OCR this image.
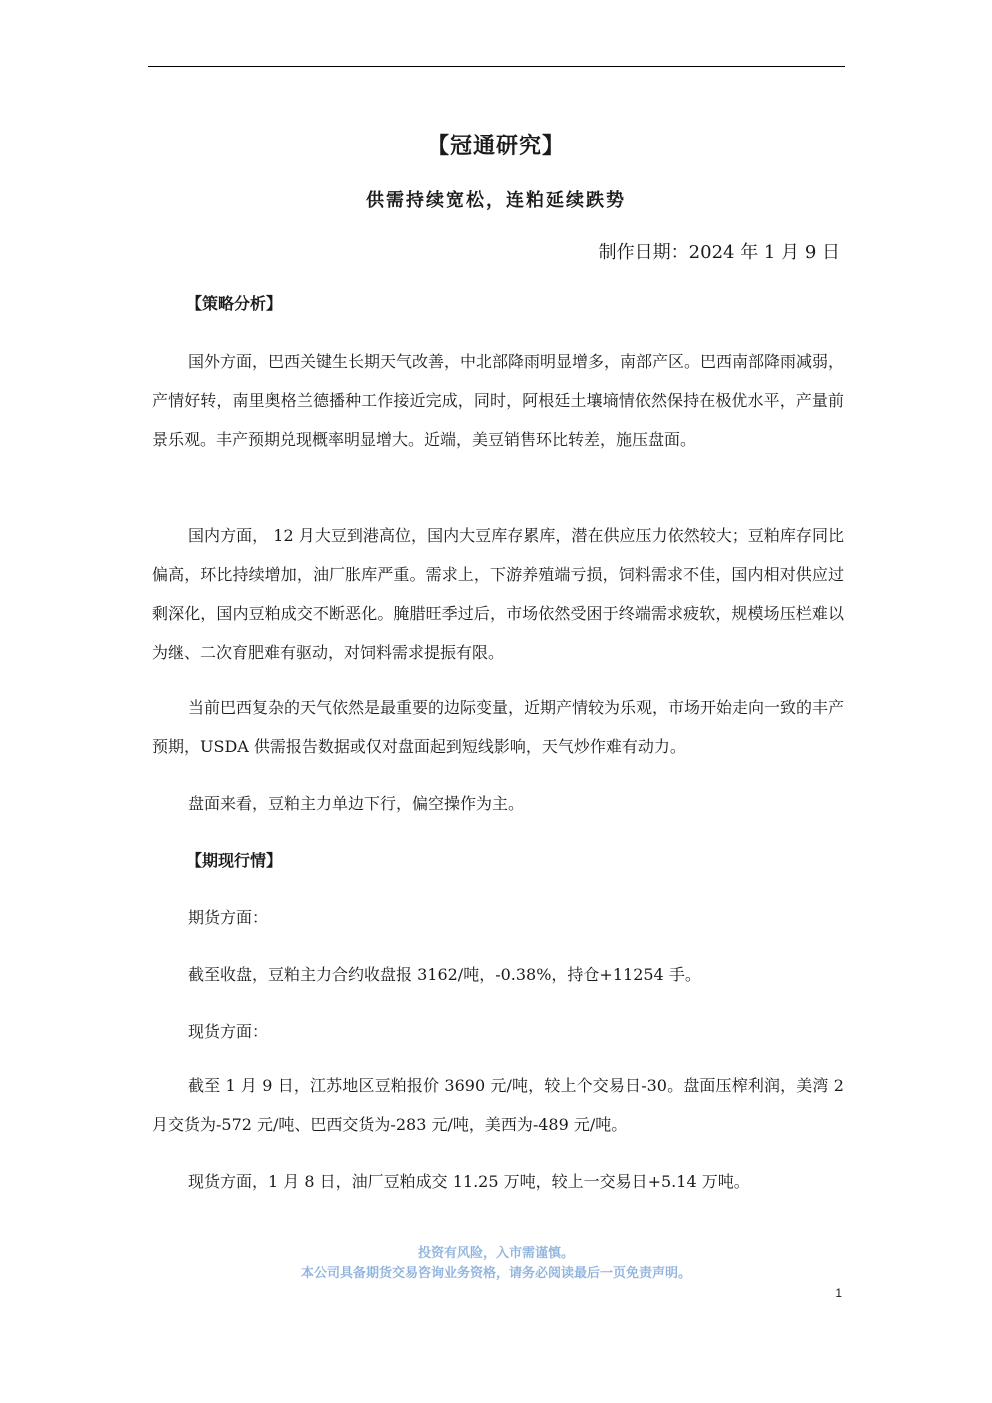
【冠通研究】
供需持续宽松，连粕延续跌势
制作日期：2024 年 1 月 9 日
【策略分析】

国外方面，巴西关键生长期天气改善，中北部降雨明显增多，南部产区。巴西南部降雨减弱，产情好转，南里奥格兰德播种工作接近完成，同时，阿根廷土壤墒情依然保持在极优水平，产量前景乐观。丰产预期兑现概率明显增大。近端，美豆销售环比转差，施压盘面。

国内方面， 12 月大豆到港高位，国内大豆库存累库，潜在供应压力依然较大；豆粕库存同比偏高，环比持续增加，油厂胀库严重。需求上，下游养殖端亏损，饲料需求不佳，国内相对供应过剩深化，国内豆粕成交不断恶化。腌腊旺季过后，市场依然受困于终端需求疲软，规模场压栏难以为继、二次育肥难有驱动，对饲料需求提振有限。

当前巴西复杂的天气依然是最重要的边际变量，近期产情较为乐观，市场开始走向一致的丰产预期，USDA 供需报告数据或仅对盘面起到短线影响，天气炒作难有动力。

盘面来看，豆粕主力单边下行，偏空操作为主。

【期现行情】

期货方面：

截至收盘，豆粕主力合约收盘报 3162/吨，-0.38%，持仓+11254 手。

现货方面：

截至 1 月 9 日，江苏地区豆粕报价 3690 元/吨，较上个交易日-30。盘面压榨利润，美湾 2 月交货为-572 元/吨、巴西交货为-283 元/吨，美西为-489 元/吨。

现货方面，1 月 8 日，油厂豆粕成交 11.25 万吨，较上一交易日+5.14 万吨。

投资有风险，入市需谨慎。
本公司具备期货交易咨询业务资格，请务必阅读最后一页免责声明。
1
